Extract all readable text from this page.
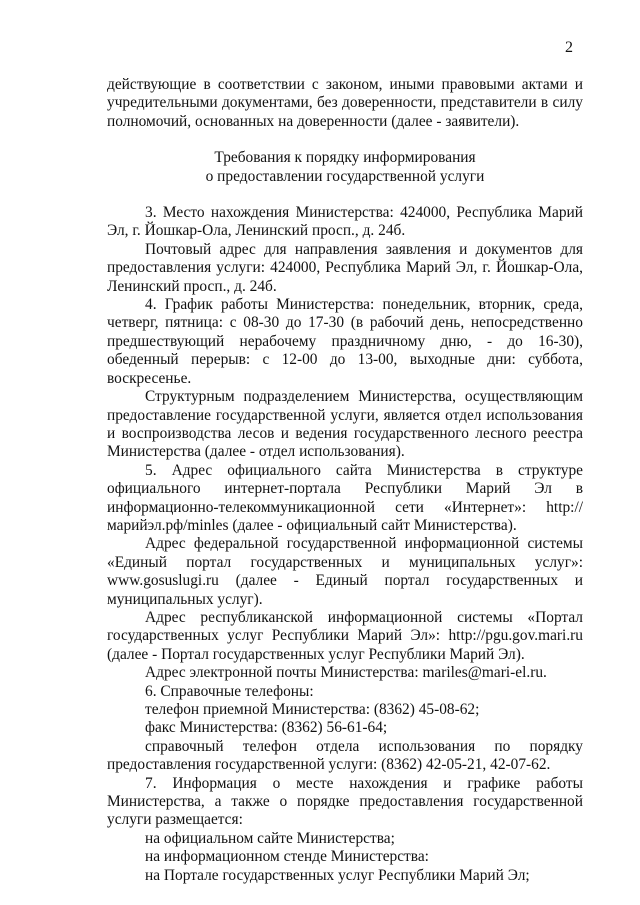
2

действующие в соответствии с законом, иными правовыми актами и учредительными документами, без доверенности, представители в силу полномочий, основанных на доверенности (далее - заявители).

Требования к порядку информирования
о предоставлении государственной услуги

3. Место нахождения Министерства: 424000, Республика Марий Эл, г. Йошкар-Ола, Ленинский просп., д. 24б.

Почтовый адрес для направления заявления и документов для предоставления услуги: 424000, Республика Марий Эл, г. Йошкар-Ола, Ленинский просп., д. 24б.

4. График работы Министерства: понедельник, вторник, среда, четверг, пятница: с 08-30 до 17-30 (в рабочий день, непосредственно предшествующий нерабочему праздничному дню, - до 16-30), обеденный перерыв: с 12-00 до 13-00, выходные дни: суббота, воскресенье.

Структурным подразделением Министерства, осуществляющим предоставление государственной услуги, является отдел использования и воспроизводства лесов и ведения государственного лесного реестра Министерства (далее - отдел использования).

5. Адрес официального сайта Министерства в структуре официального интернет-портала Республики Марий Эл в информационно-телекоммуникационной сети «Интернет»: http://марийэл.рф/minles (далее - официальный сайт Министерства).

Адрес федеральной государственной информационной системы «Единый портал государственных и муниципальных услуг»: www.gosuslugi.ru (далее - Единый портал государственных и муниципальных услуг).

Адрес республиканской информационной системы «Портал государственных услуг Республики Марий Эл»: http://pgu.gov.mari.ru (далее - Портал государственных услуг Республики Марий Эл).

Адрес электронной почты Министерства: mariles@mari-el.ru.

6. Справочные телефоны:

телефон приемной Министерства: (8362) 45-08-62;

факс Министерства: (8362) 56-61-64;

справочный телефон отдела использования по порядку предоставления государственной услуги: (8362) 42-05-21, 42-07-62.

7. Информация о месте нахождения и графике работы Министерства, а также о порядке предоставления государственной услуги размещается:

на официальном сайте Министерства;

на информационном стенде Министерства:

на Портале государственных услуг Республики Марий Эл;
